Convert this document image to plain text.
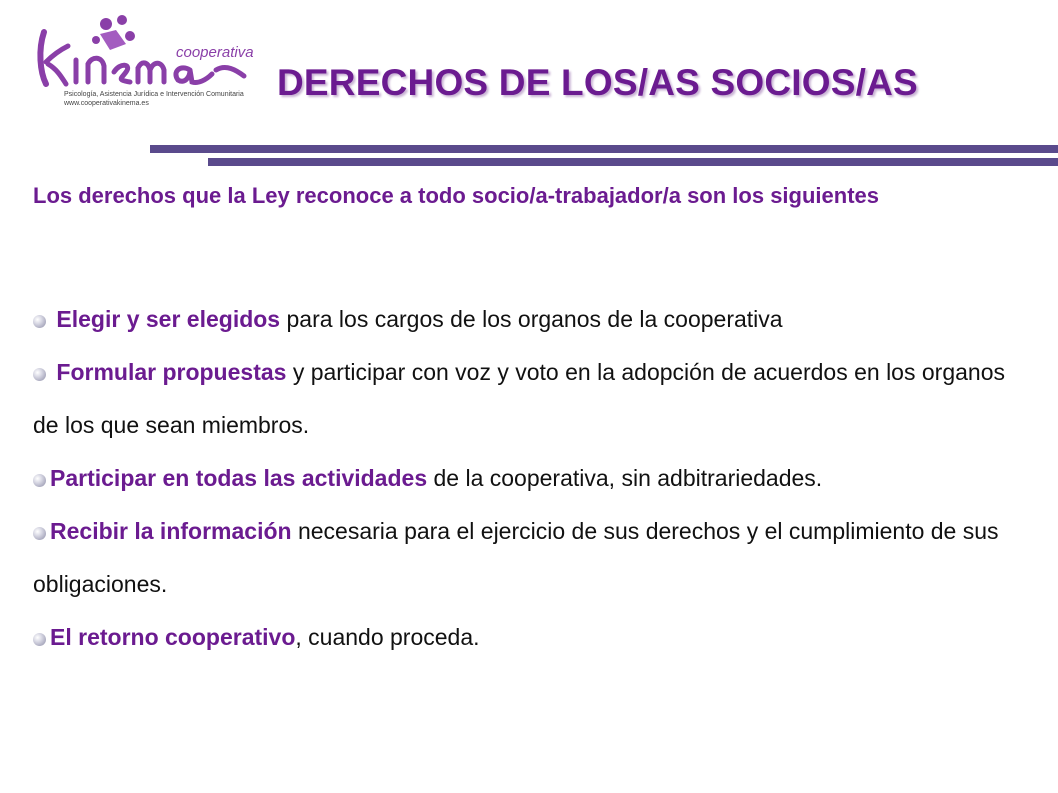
cooperativa
Psicología, Asistencia Jurídica e Intervención Comunitaria
www.cooperativakinema.es
DERECHOS DE LOS/AS SOCIOS/AS
Los derechos que la Ley reconoce a todo socio/a-trabajador/a son los siguientes
Elegir y ser elegidos para los cargos de los organos de la cooperativa
Formular propuestas y participar con voz y voto en la adopción de acuerdos en los organos de los que sean miembros.
Participar en todas las actividades de la cooperativa, sin adbitrariedades.
Recibir la información necesaria para el ejercicio de sus derechos y el cumplimiento de sus obligaciones.
El retorno cooperativo, cuando proceda.
